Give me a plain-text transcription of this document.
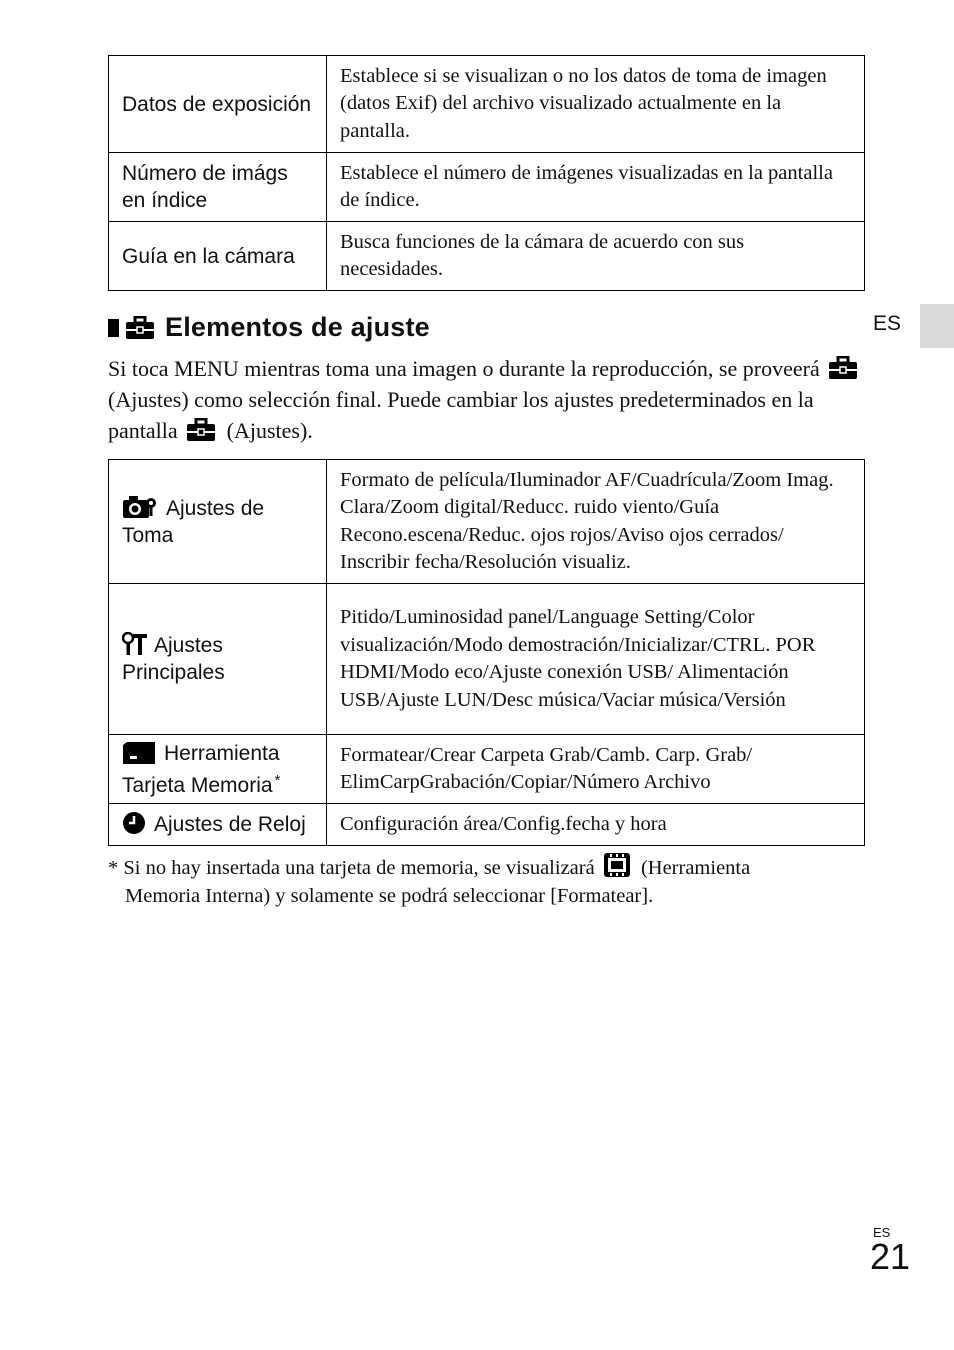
ES
Datos de exposición	Establece si se visualizan o no los datos de toma de imagen (datos Exif) del archivo visualizado actualmente en la pantalla.
Número de imágs en índice	Establece el número de imágenes visualizadas en la pantalla de índice.
Guía en la cámara	Busca funciones de la cámara de acuerdo con sus necesidades.
Elementos de ajuste
Si toca MENU mientras toma una imagen o durante la reproducción, se proveerá  (Ajustes) como selección final. Puede cambiar los ajustes predeterminados en la pantalla (Ajustes).
Ajustes de Toma	Formato de película/Iluminador AF/Cuadrícula/Zoom Imag. Clara/Zoom digital/Reducc. ruido viento/Guía Recono.escena/Reduc. ojos rojos/Aviso ojos cerrados/ Inscribir fecha/Resolución visualiz.
Ajustes Principales	Pitido/Luminosidad panel/Language Setting/Color visualización/Modo demostración/Inicializar/CTRL. POR HDMI/Modo eco/Ajuste conexión USB/ Alimentación USB/Ajuste LUN/Desc música/Vaciar música/Versión
Herramienta Tarjeta Memoria *	Formatear/Crear Carpeta Grab/Camb. Carp. Grab/ ElimCarpGrabación/Copiar/Número Archivo
Ajustes de Reloj	Configuración área/Config.fecha y hora
* Si no hay insertada una tarjeta de memoria, se visualizará (Herramienta
Memoria Interna) y solamente se podrá seleccionar [Formatear].
ES
21
